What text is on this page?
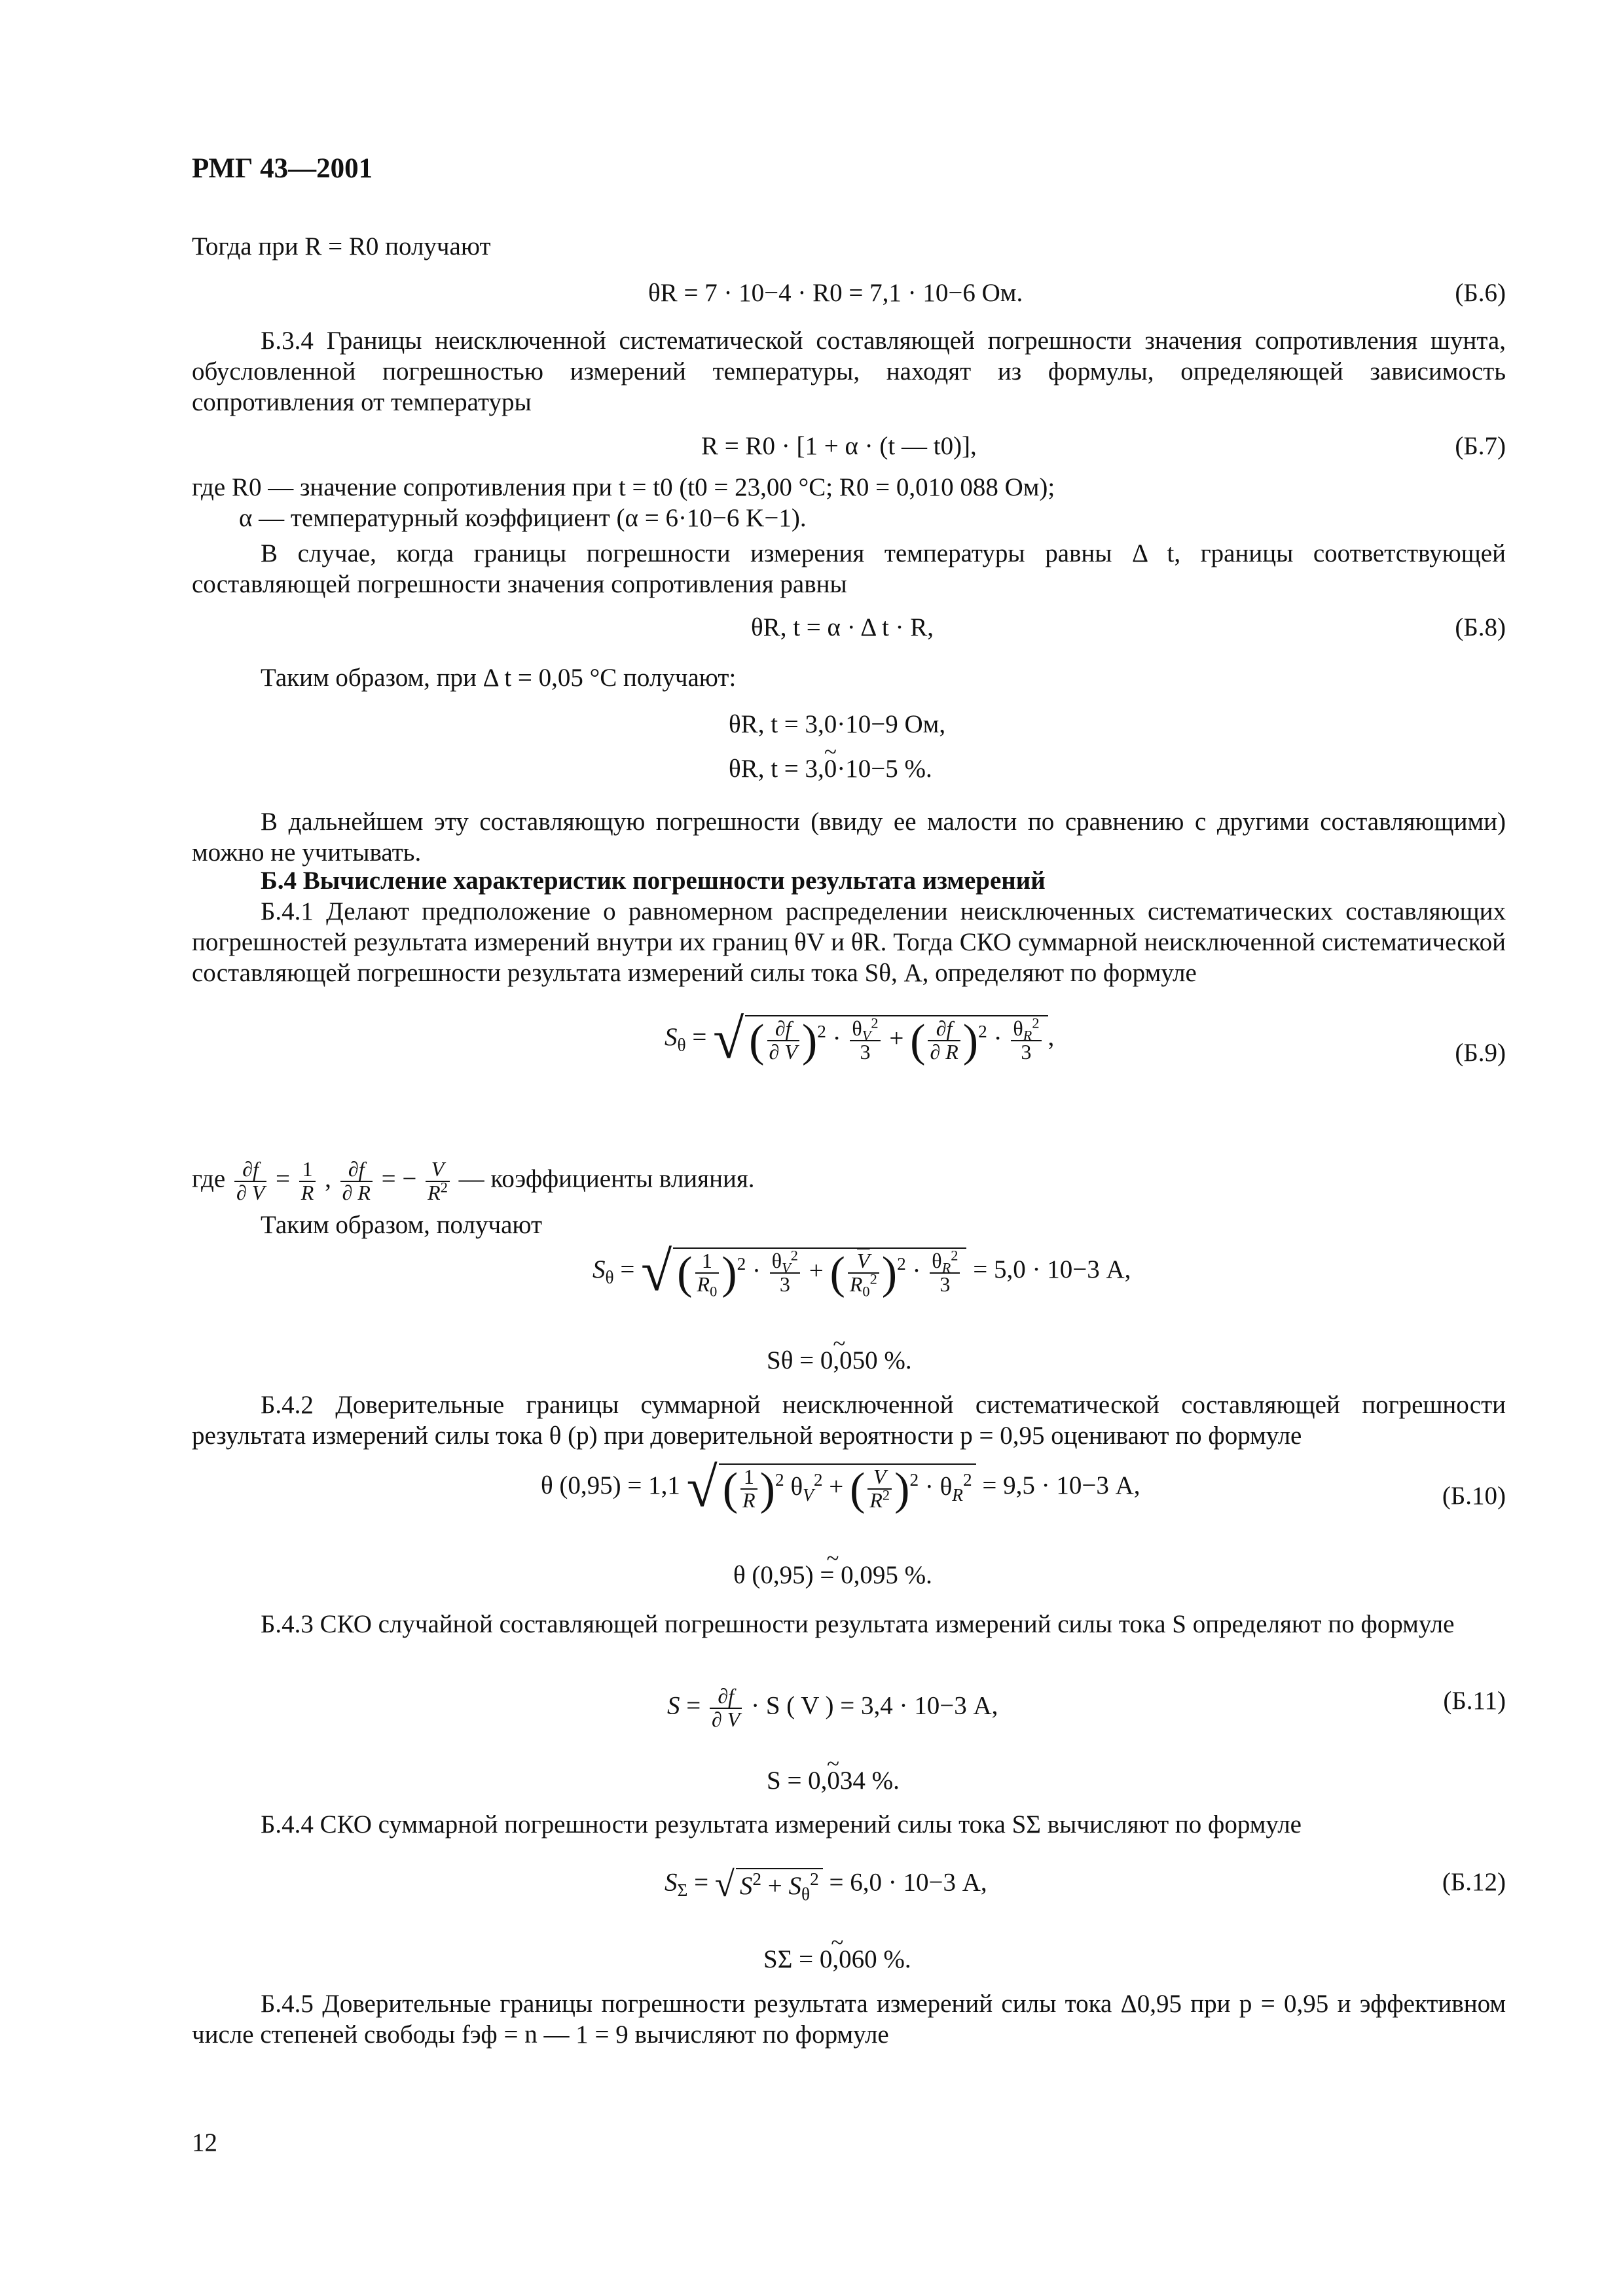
РМГ 43—2001
Тогда при R = R0 получают
θR = 7 · 10−4 · R0 = 7,1 · 10−6 Ом.	(Б.6)
Б.3.4 Границы неисключенной систематической составляющей погрешности значения сопротивления шунта, обусловленной погрешностью измерений температуры, находят из формулы, определяющей зависимость сопротивления от температуры
R = R0 · [1 + α · (t — t0)],	(Б.7)
где R0 — значение сопротивления при t = t0 (t0 = 23,00 °C; R0 = 0,010 088 Ом);
α — температурный коэффициент (α = 6·10−6 K−1).
В случае, когда границы погрешности измерения температуры равны Δ t, границы соответствующей составляющей погрешности значения сопротивления равны
θR, t = α · Δ t · R,	(Б.8)
Таким образом, при Δ t = 0,05 °C получают:
θR, t = 3,0·10−9 Ом,
~ θR, t = 3,0·10−5 %.
В дальнейшем эту составляющую погрешности (ввиду ее малости по сравнению с другими составляющими) можно не учитывать.
Б.4 Вычисление характеристик погрешности результата измерений
Б.4.1 Делают предположение о равномерном распределении неисключенных систематических составляющих погрешностей результата измерений внутри их границ θV и θR. Тогда СКО суммарной неисключенной систематической составляющей погрешности результата измерений силы тока Sθ, А, определяют по формуле
$S_\theta$ = √ ( $\frac{\partial f}{\partial V} )^2 \cdot \frac{\theta_V^2}{3}$ + ( $\frac{\partial f}{\partial R} )^2 \cdot \frac{\theta_R^2}{3}$ ,
(Б.9)
где $\frac{\partial f}{\partial V} = \frac{1}{R}$ , $\frac{\partial f}{\partial R}$ = − $\frac{V}{R^2}$ — коэффициенты влияния.
Таким образом, получают
$S_\theta$ = √ ( $\frac{1}{R_0} )^2 \cdot \frac{\theta_V^2}{3}$ + ( $\frac{\overline{V}}{R_0^2} )^2 \cdot \frac{\theta_R^2}{3} = 5,0 \cdot 10-3$ А,
~ Sθ = 0,050 %.
Б.4.2 Доверительные границы суммарной неисключенной систематической составляющей погрешности результата измерений силы тока θ (p) при доверительной вероятности p = 0,95 оценивают по формуле
θ (0,95) = 1,1 √ ( $\frac{1}{R} )^2$ $\theta_V^2$ + ( $\frac{V}{R^2} )^2 \cdot \theta_R^2 = 9,5 \cdot 10-3$ А,	(Б.10)
~ θ (0,95) = 0,095 %.
Б.4.3 СКО случайной составляющей погрешности результата измерений силы тока S определяют по формуле
$S = \frac{\partial f}{\partial V} \cdot S$ ( V ) = 3,4 · 10−3 А,	(Б.11)
~ S = 0,034 %.
Б.4.4 СКО суммарной погрешности результата измерений силы тока SΣ вычисляют по формуле
$S_\Sigma$ = √ $S^2 + S_\theta^2 = 6,0 \cdot 10-3$ А,	(Б.12)
~ SΣ = 0,060 %.
Б.4.5 Доверительные границы погрешности результата измерений силы тока Δ0,95 при p = 0,95 и эффективном числе степеней свободы fэф = n — 1 = 9 вычисляют по формуле
12
